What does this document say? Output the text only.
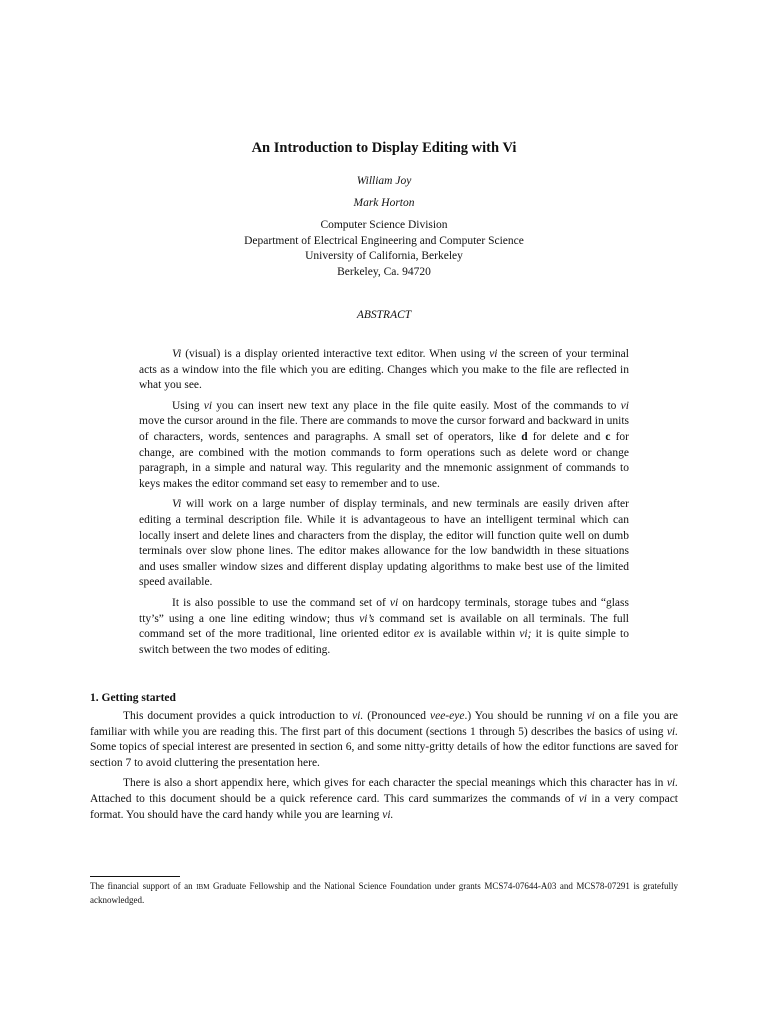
An Introduction to Display Editing with Vi
William Joy
Mark Horton
Computer Science Division
Department of Electrical Engineering and Computer Science
University of California, Berkeley
Berkeley, Ca. 94720
ABSTRACT

Vi (visual) is a display oriented interactive text editor. When using vi the screen of your terminal acts as a window into the file which you are editing. Changes which you make to the file are reflected in what you see.

Using vi you can insert new text any place in the file quite easily. Most of the commands to vi move the cursor around in the file. There are commands to move the cursor forward and backward in units of characters, words, sentences and paragraphs. A small set of operators, like d for delete and c for change, are combined with the motion commands to form operations such as delete word or change paragraph, in a simple and natural way. This regularity and the mnemonic assignment of commands to keys makes the editor command set easy to remember and to use.

Vi will work on a large number of display terminals, and new terminals are easily driven after editing a terminal description file. While it is advantageous to have an intelligent terminal which can locally insert and delete lines and characters from the display, the editor will function quite well on dumb terminals over slow phone lines. The editor makes allowance for the low bandwidth in these situations and uses smaller window sizes and different display updating algorithms to make best use of the limited speed available.

It is also possible to use the command set of vi on hardcopy terminals, storage tubes and “glass tty’s” using a one line editing window; thus vi’s command set is available on all terminals. The full command set of the more traditional, line oriented editor ex is available within vi; it is quite simple to switch between the two modes of editing.

1. Getting started

This document provides a quick introduction to vi. (Pronounced vee-eye.) You should be running vi on a file you are familiar with while you are reading this. The first part of this document (sections 1 through 5) describes the basics of using vi. Some topics of special interest are presented in section 6, and some nitty-gritty details of how the editor functions are saved for section 7 to avoid cluttering the presentation here.

There is also a short appendix here, which gives for each character the special meanings which this character has in vi. Attached to this document should be a quick reference card. This card summarizes the commands of vi in a very compact format. You should have the card handy while you are learning vi.

The financial support of an IBM Graduate Fellowship and the National Science Foundation under grants MCS74-07644-A03 and MCS78-07291 is gratefully acknowledged.
